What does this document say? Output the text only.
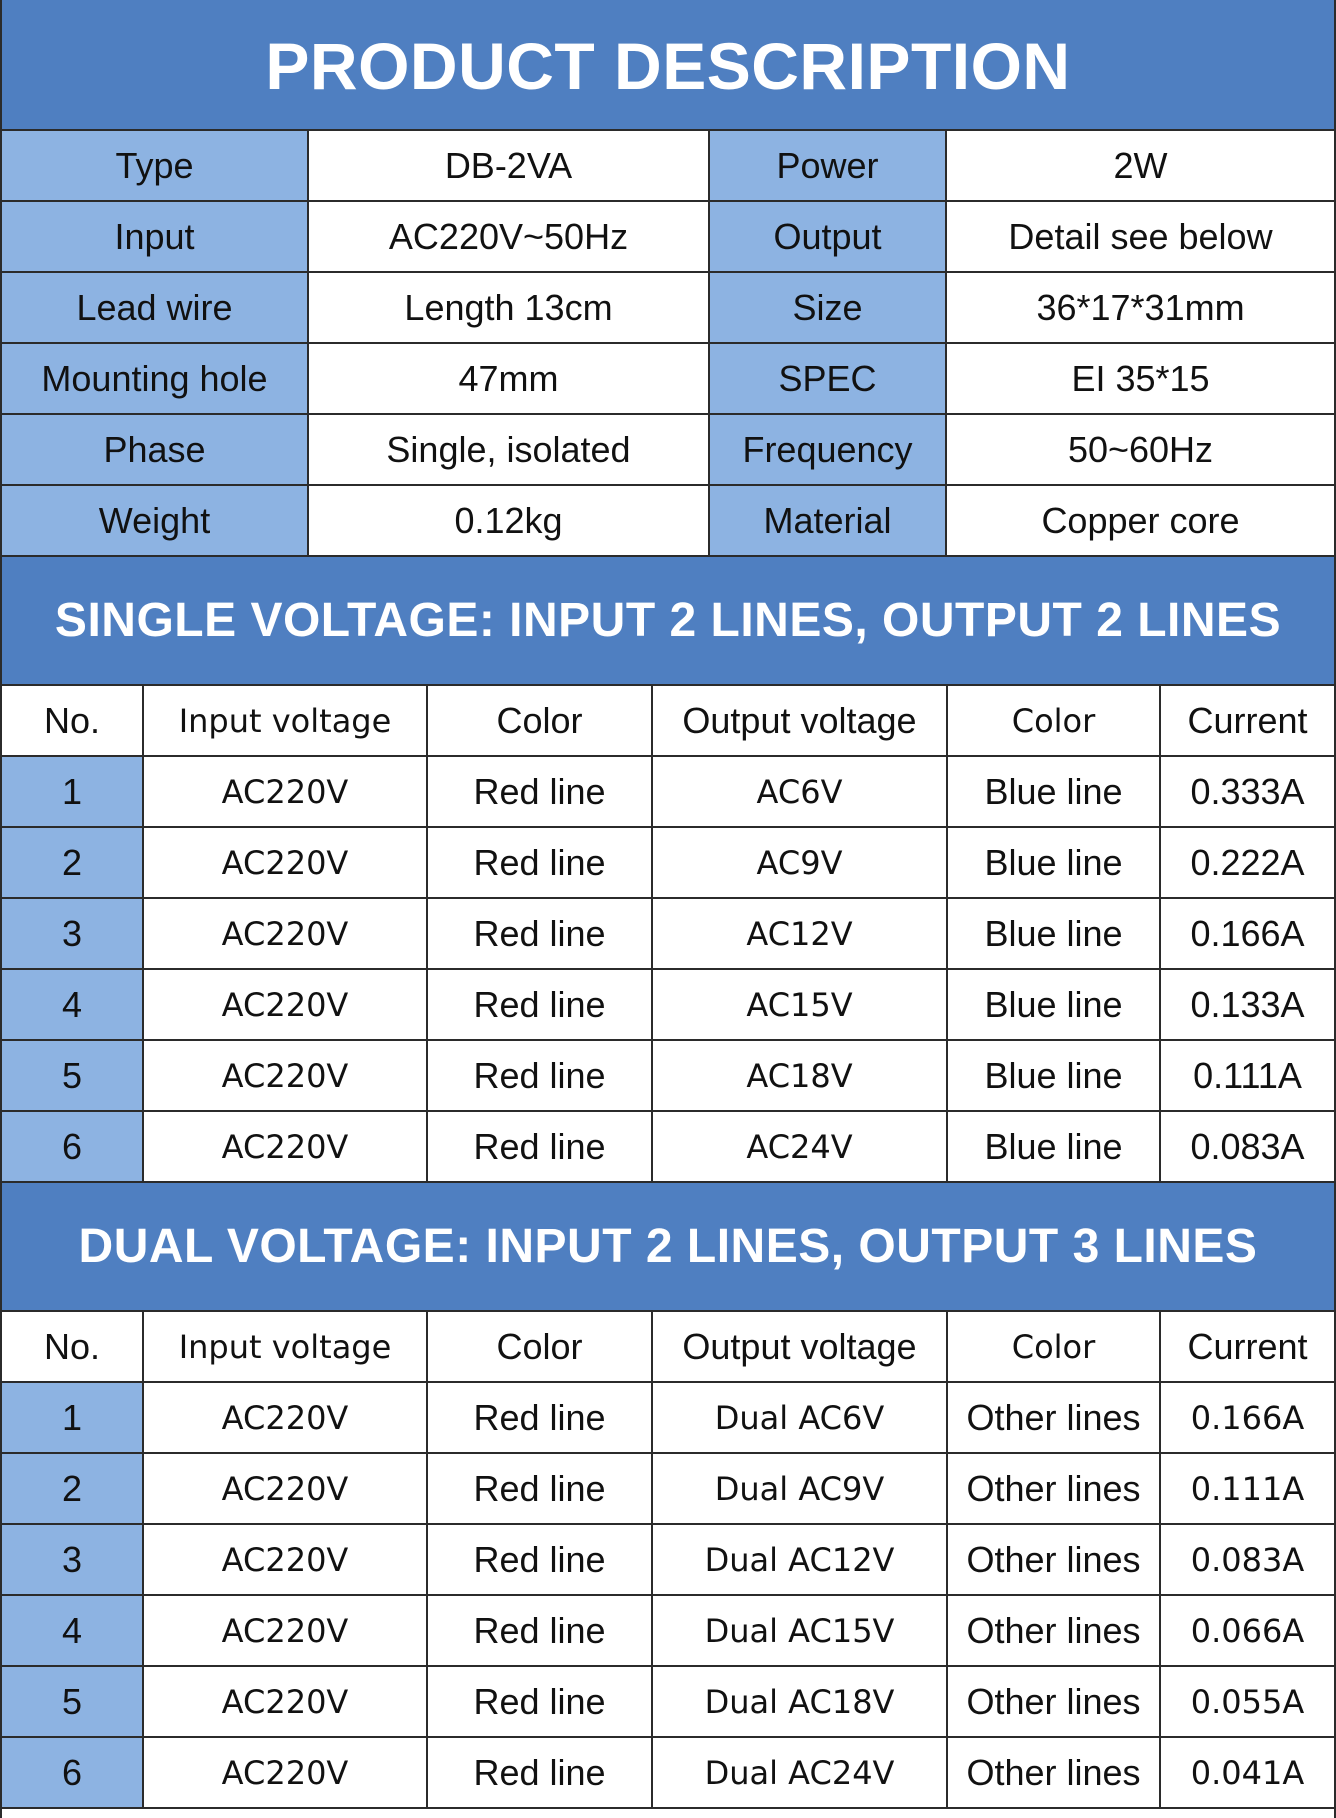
PRODUCT DESCRIPTION
Type	DB-2VA	Power	2W
Input	AC220V~50Hz	Output	Detail see below
Lead wire	Length 13cm	Size	36*17*31mm
Mounting hole	47mm	SPEC	EI 35*15
Phase	Single, isolated	Frequency	50~60Hz
Weight	0.12kg	Material	Copper core
SINGLE VOLTAGE: INPUT 2 LINES, OUTPUT 2 LINES
No.	Input voltage	Color	Output voltage	Color	Current
1	AC220V	Red line	AC6V	Blue line	0.333A
2	AC220V	Red line	AC9V	Blue line	0.222A
3	AC220V	Red line	AC12V	Blue line	0.166A
4	AC220V	Red line	AC15V	Blue line	0.133A
5	AC220V	Red line	AC18V	Blue line	0.111A
6	AC220V	Red line	AC24V	Blue line	0.083A
DUAL VOLTAGE: INPUT 2 LINES, OUTPUT 3 LINES
No.	Input voltage	Color	Output voltage	Color	Current
1	AC220V	Red line	Dual AC6V	Other lines	0.166A
2	AC220V	Red line	Dual AC9V	Other lines	0.111A
3	AC220V	Red line	Dual AC12V	Other lines	0.083A
4	AC220V	Red line	Dual AC15V	Other lines	0.066A
5	AC220V	Red line	Dual AC18V	Other lines	0.055A
6	AC220V	Red line	Dual AC24V	Other lines	0.041A
